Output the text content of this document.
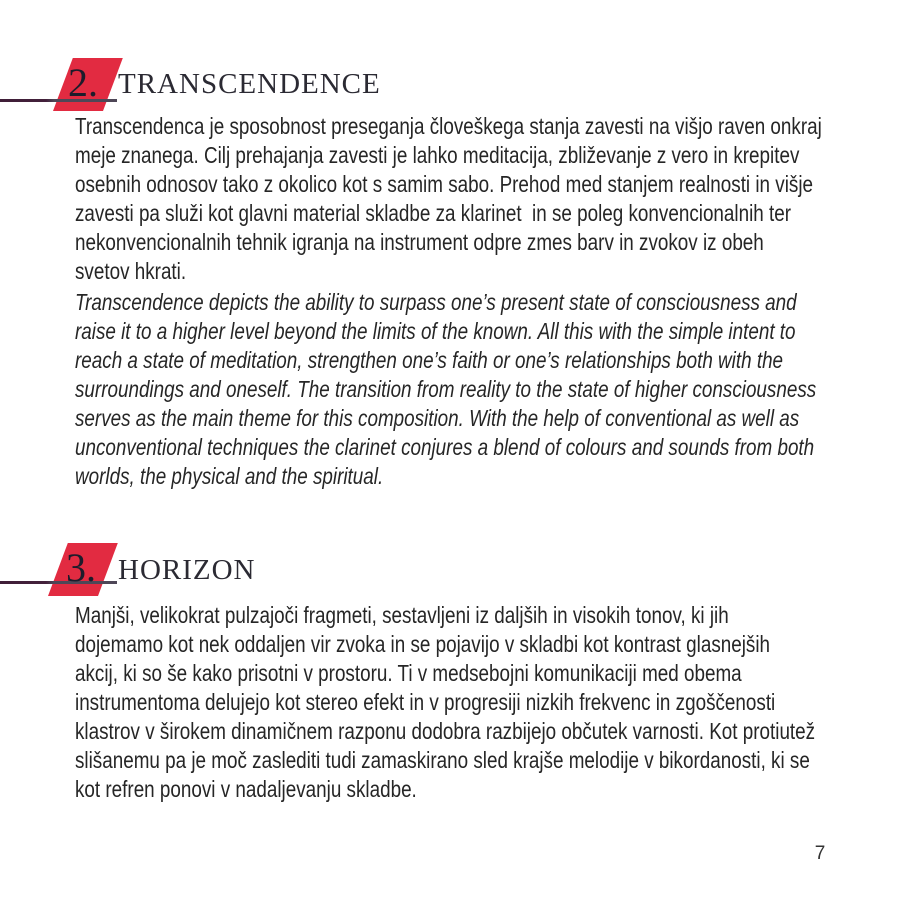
2. TRANSCENDENCE

Transcendenca je sposobnost preseganja človeškega stanja zavesti na višjo raven onkraj
meje znanega. Cilj prehajanja zavesti je lahko meditacija, zbliževanje z vero in krepitev
osebnih odnosov tako z okolico kot s samim sabo. Prehod med stanjem realnosti in višje
zavesti pa služi kot glavni material skladbe za klarinet  in se poleg konvencionalnih ter
nekonvencionalnih tehnik igranja na instrument odpre zmes barv in zvokov iz obeh
svetov hkrati.

Transcendence depicts the ability to surpass one’s present state of consciousness and
raise it to a higher level beyond the limits of the known. All this with the simple intent to
reach a state of meditation, strengthen one’s faith or one’s relationships both with the
surroundings and oneself. The transition from reality to the state of higher consciousness
serves as the main theme for this composition. With the help of conventional as well as
unconventional techniques the clarinet conjures a blend of colours and sounds from both
worlds, the physical and the spiritual.

3. HORIZON

Manjši, velikokrat pulzajoči fragmeti, sestavljeni iz daljših in visokih tonov, ki jih
dojemamo kot nek oddaljen vir zvoka in se pojavijo v skladbi kot kontrast glasnejših
akcij, ki so še kako prisotni v prostoru. Ti v medsebojni komunikaciji med obema
instrumentoma delujejo kot stereo efekt in v progresiji nizkih frekvenc in zgoščenosti
klastrov v širokem dinamičnem razponu dodobra razbijejo občutek varnosti. Kot protiutež
slišanemu pa je moč zaslediti tudi zamaskirano sled krajše melodije v bikordanosti, ki se
kot refren ponovi v nadaljevanju skladbe.

7
